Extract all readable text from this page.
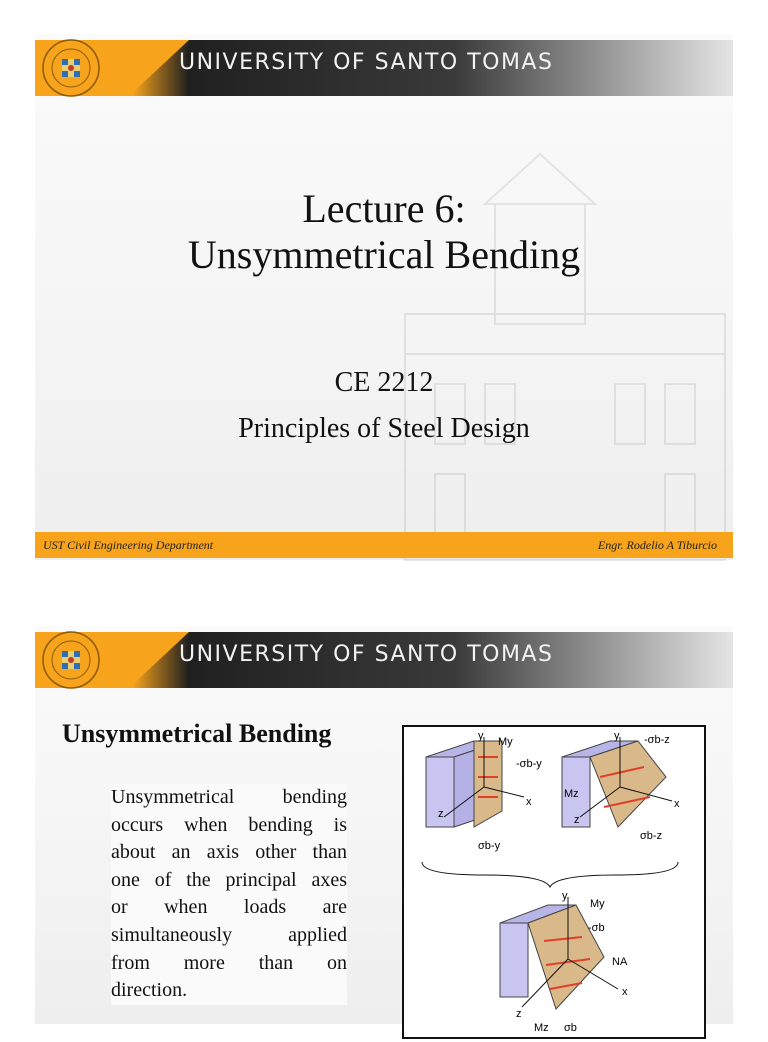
UNIVERSITY OF SANTO TOMAS
Lecture 6:
Unsymmetrical Bending
CE 2212
Principles of Steel Design
UST Civil Engineering Department	Engr. Rodelio A Tiburcio
UNIVERSITY OF SANTO TOMAS
Unsymmetrical Bending
Unsymmetrical bending
occurs when bending is
about an axis other than
one of the principal axes
or when loads are
simultaneously applied
from more than on
direction.
y My
-σb-y
z
x
σb-y
y -σb-z
Mz
z
x
σb-z
y
My
-σb
NA
x
z
Mz σb
